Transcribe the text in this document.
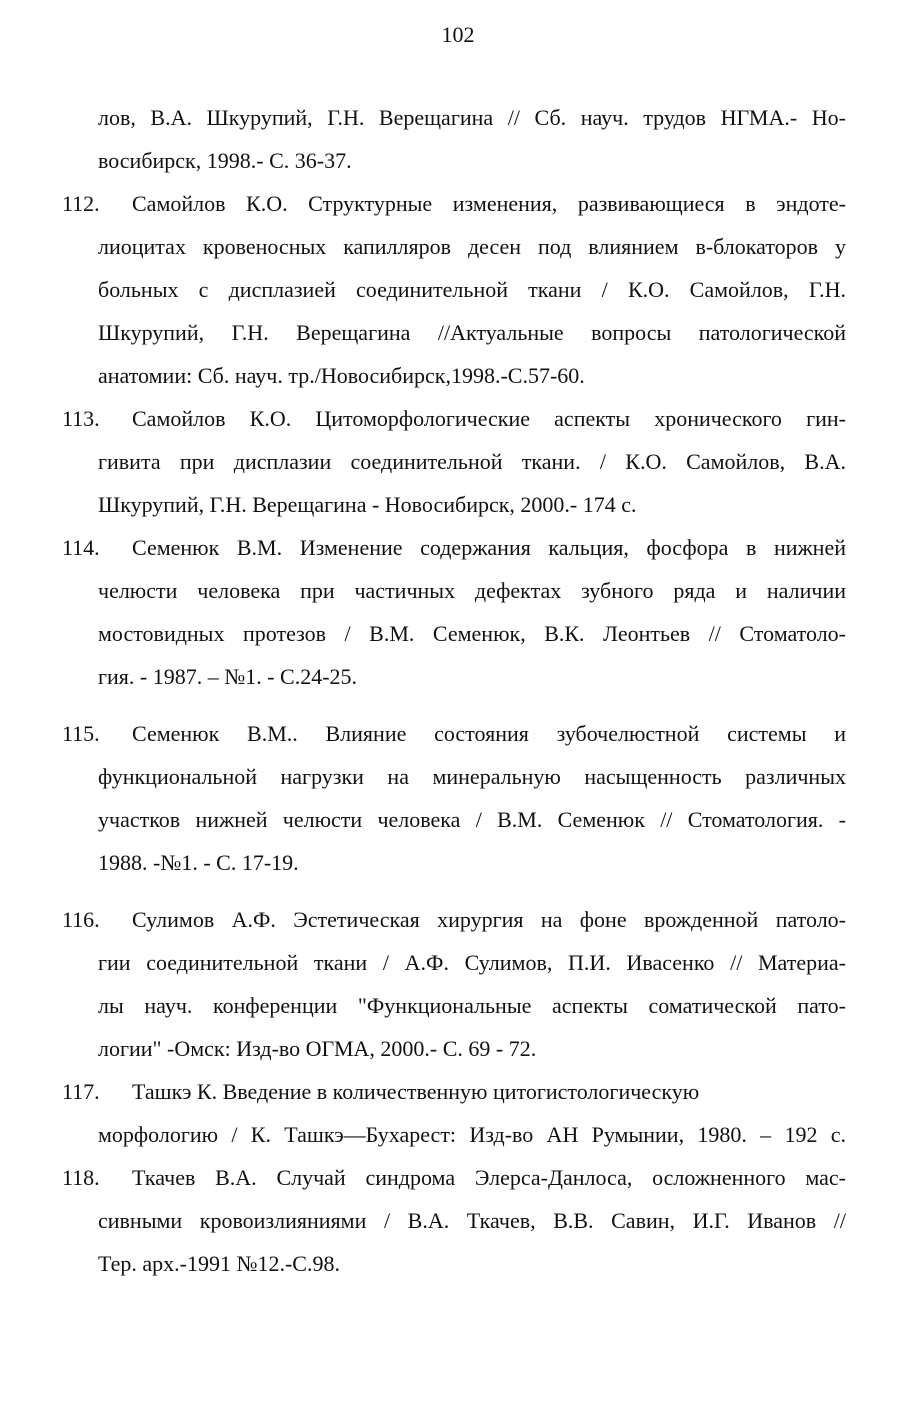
102
лов, В.А. Шкурупий, Г.Н. Верещагина // Сб. науч. трудов НГМА.- Но-
восибирск, 1998.- С. 36-37.
112. Самойлов К.О. Структурные изменения, развивающиеся в эндоте-
лиоцитах кровеносных капилляров десен под влиянием в-блокаторов у
больных с дисплазией соединительной ткани / К.О. Самойлов, Г.Н.
Шкурупий, Г.Н. Верещагина //Актуальные вопросы патологической
анатомии: Сб. науч. тр./Новосибирск,1998.-С.57-60.
113. Самойлов К.О. Цитоморфологические аспекты хронического гин-
гивита при дисплазии соединительной ткани. / К.О. Самойлов, В.А.
Шкурупий, Г.Н. Верещагина - Новосибирск, 2000.- 174 с.
114. Семенюк В.М. Изменение содержания кальция, фосфора в нижней
челюсти человека при частичных дефектах зубного ряда и наличии
мостовидных протезов / В.М. Семенюк, В.К. Леонтьев // Стоматоло-
гия. - 1987. – №1. - С.24-25.
115. Семенюк В.М.. Влияние состояния зубочелюстной системы и
функциональной нагрузки на минеральную насыщенность различных
участков нижней челюсти человека / В.М. Семенюк // Стоматология. -
1988. -№1. - С. 17-19.
116. Сулимов А.Ф. Эстетическая хирургия на фоне врожденной патоло-
гии соединительной ткани / А.Ф. Сулимов, П.И. Ивасенко // Материа-
лы науч. конференции "Функциональные аспекты соматической пато-
логии" -Омск: Изд-во ОГМА, 2000.- С. 69 - 72.
117. Ташкэ К. Введение в количественную цитогистологическую
морфологию / К. Ташкэ—Бухарест: Изд-во АН Румынии, 1980. – 192 с.
118. Ткачев В.А. Случай синдрома Элерса-Данлоса, осложненного мас-
сивными кровоизлияниями / В.А. Ткачев, В.В. Савин, И.Г. Иванов //
Тер. арх.-1991 №12.-С.98.
